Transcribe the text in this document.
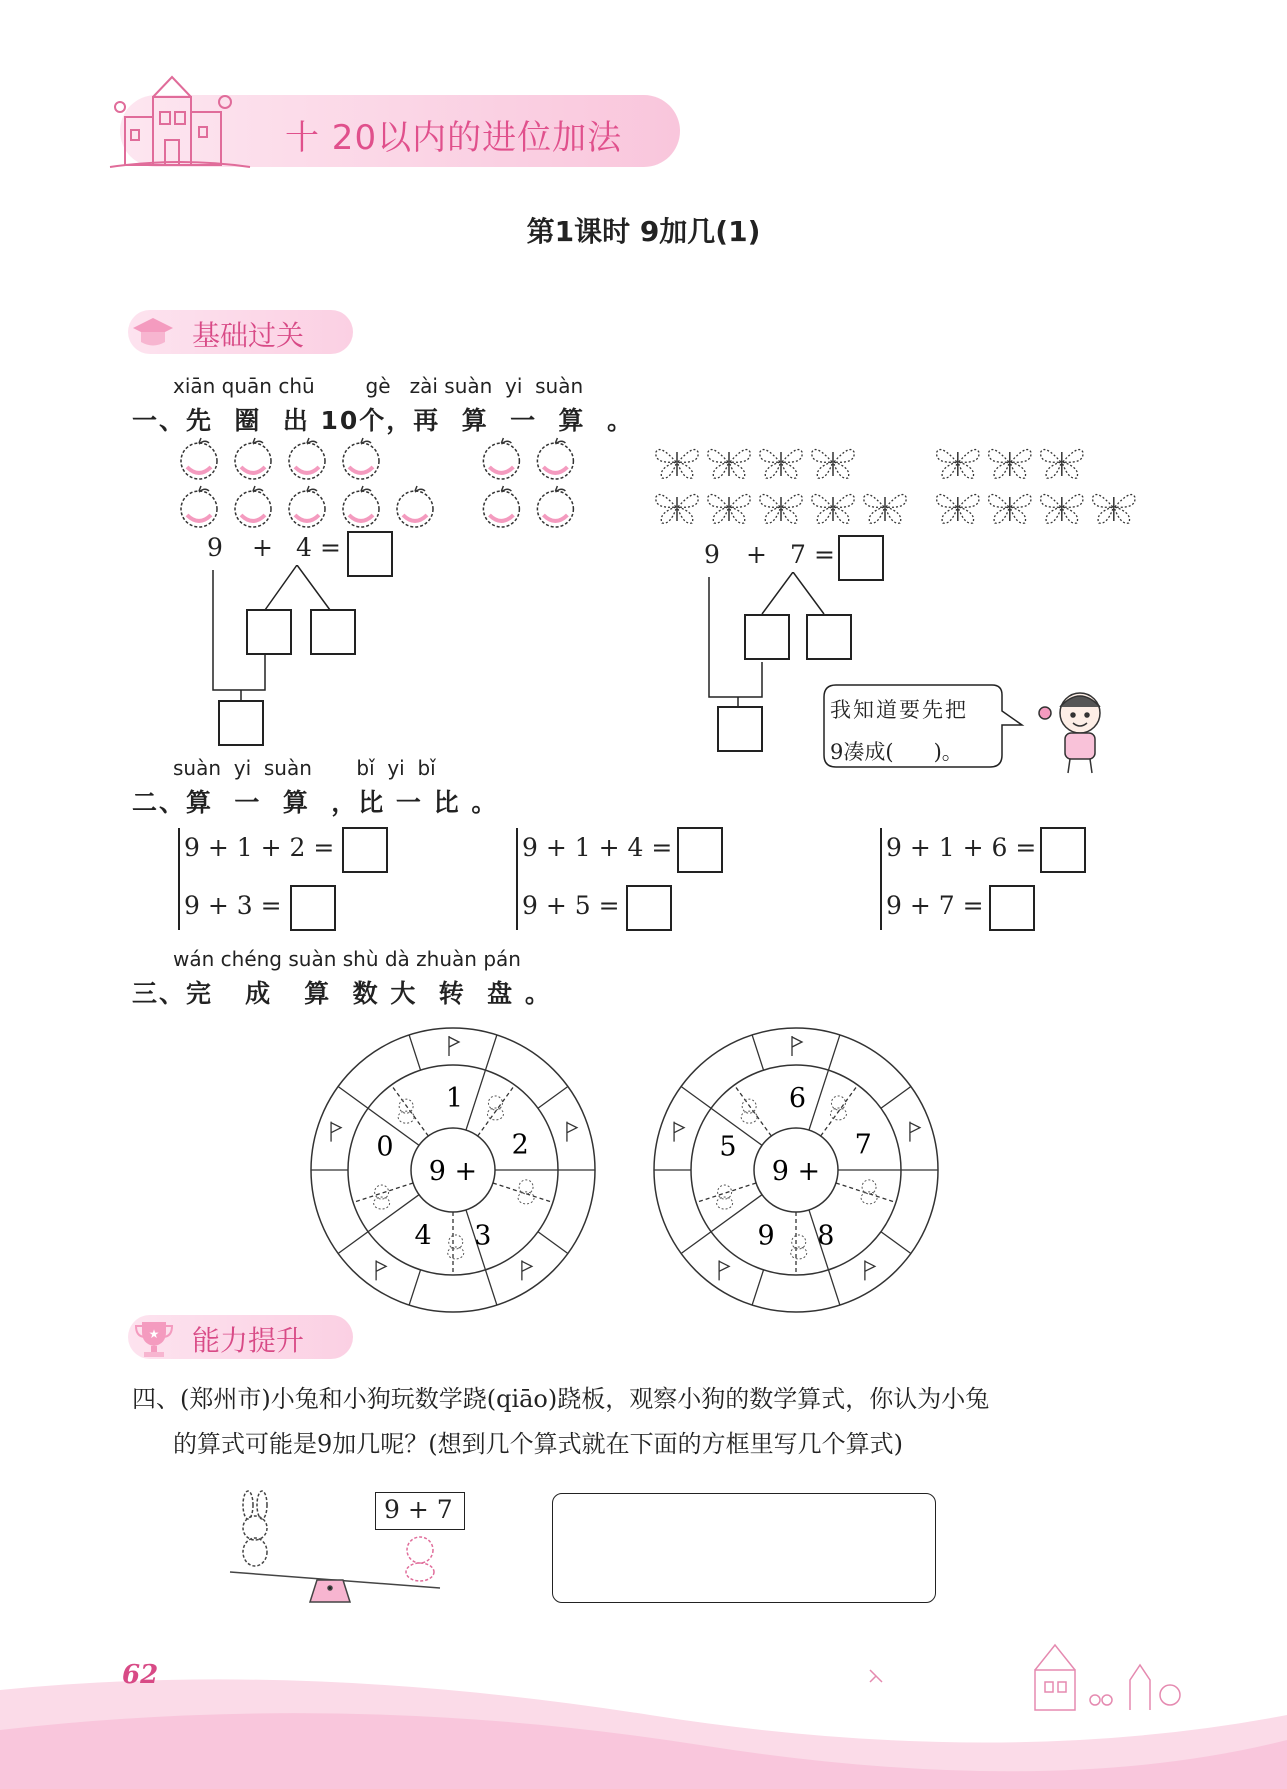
十 20以内的进位加法
第1课时 9加几(1)
基础过关
xiān quān chū        gè   zài suàn  yi  suàn
一、先  圈  出 10个，再  算  一  算  。
9 + 4 =	9 + 7 =
我知道要先把
9凑成(      )。
suàn  yi  suàn       bǐ  yi  bǐ
二、算  一  算  ，比 一 比 。
9 + 1 + 2 =
9 + 3 =
9 + 1 + 4 =
9 + 5 =
9 + 1 + 6 =
9 + 7 =
wán chéng suàn shù dà zhuàn pán
三、完   成   算  数 大  转  盘 。
1
2
3
4
0
9 +
6
7
8
9
5
9 +
★ 能力提升
四、(郑州市)小兔和小狗玩数学跷(qiāo)跷板，观察小狗的数学算式，你认为小兔
的算式可能是9加几呢？(想到几个算式就在下面的方框里写几个算式)
9 + 7
62
